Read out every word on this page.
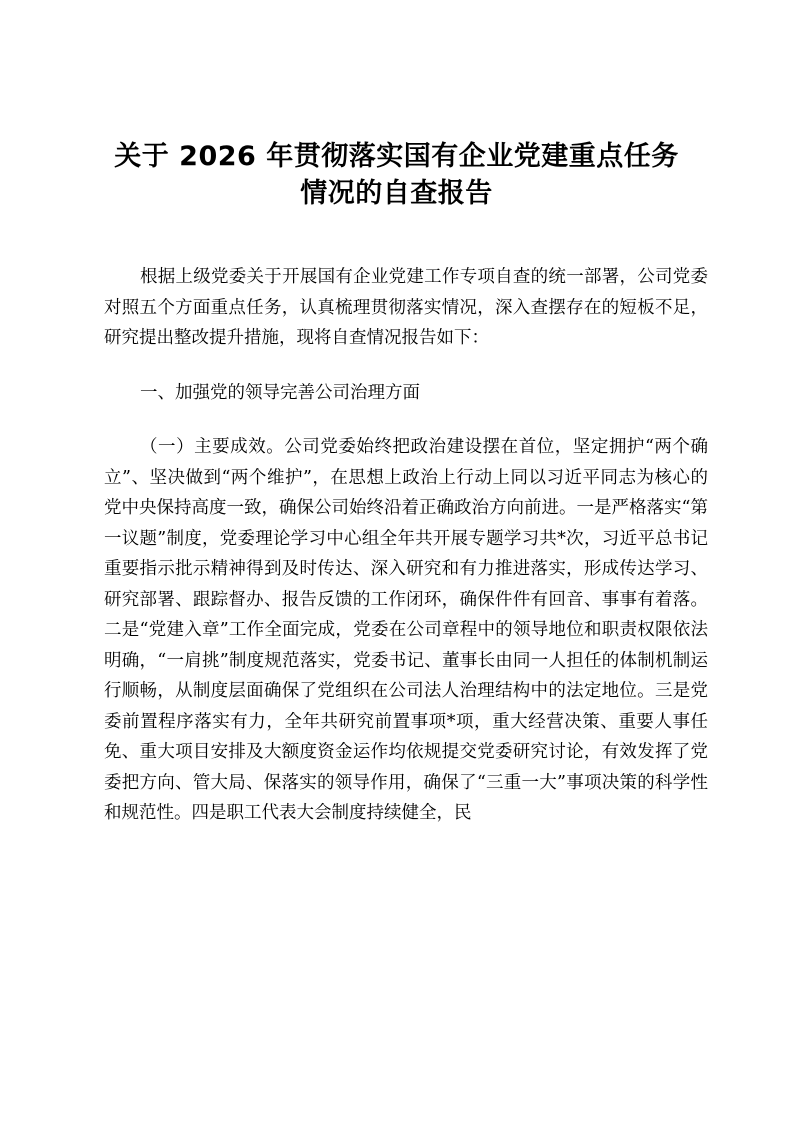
关于 2026 年贯彻落实国有企业党建重点任务
情况的自查报告

根据上级党委关于开展国有企业党建工作专项自查的统一部署，公司党委对照五个方面重点任务，认真梳理贯彻落实情况，深入查摆存在的短板不足，研究提出整改提升措施，现将自查情况报告如下：

一、加强党的领导完善公司治理方面

（一）主要成效。公司党委始终把政治建设摆在首位，坚定拥护“两个确立”、坚决做到“两个维护”，在思想上政治上行动上同以习近平同志为核心的党中央保持高度一致，确保公司始终沿着正确政治方向前进。一是严格落实“第一议题”制度，党委理论学习中心组全年共开展专题学习共*次，习近平总书记重要指示批示精神得到及时传达、深入研究和有力推进落实，形成传达学习、研究部署、跟踪督办、报告反馈的工作闭环，确保件件有回音、事事有着落。二是“党建入章”工作全面完成，党委在公司章程中的领导地位和职责权限依法明确，“一肩挑”制度规范落实，党委书记、董事长由同一人担任的体制机制运行顺畅，从制度层面确保了党组织在公司法人治理结构中的法定地位。三是党委前置程序落实有力，全年共研究前置事项*项，重大经营决策、重要人事任免、重大项目安排及大额度资金运作均依规提交党委研究讨论，有效发挥了党委把方向、管大局、保落实的领导作用，确保了“三重一大”事项决策的科学性和规范性。四是职工代表大会制度持续健全，民
